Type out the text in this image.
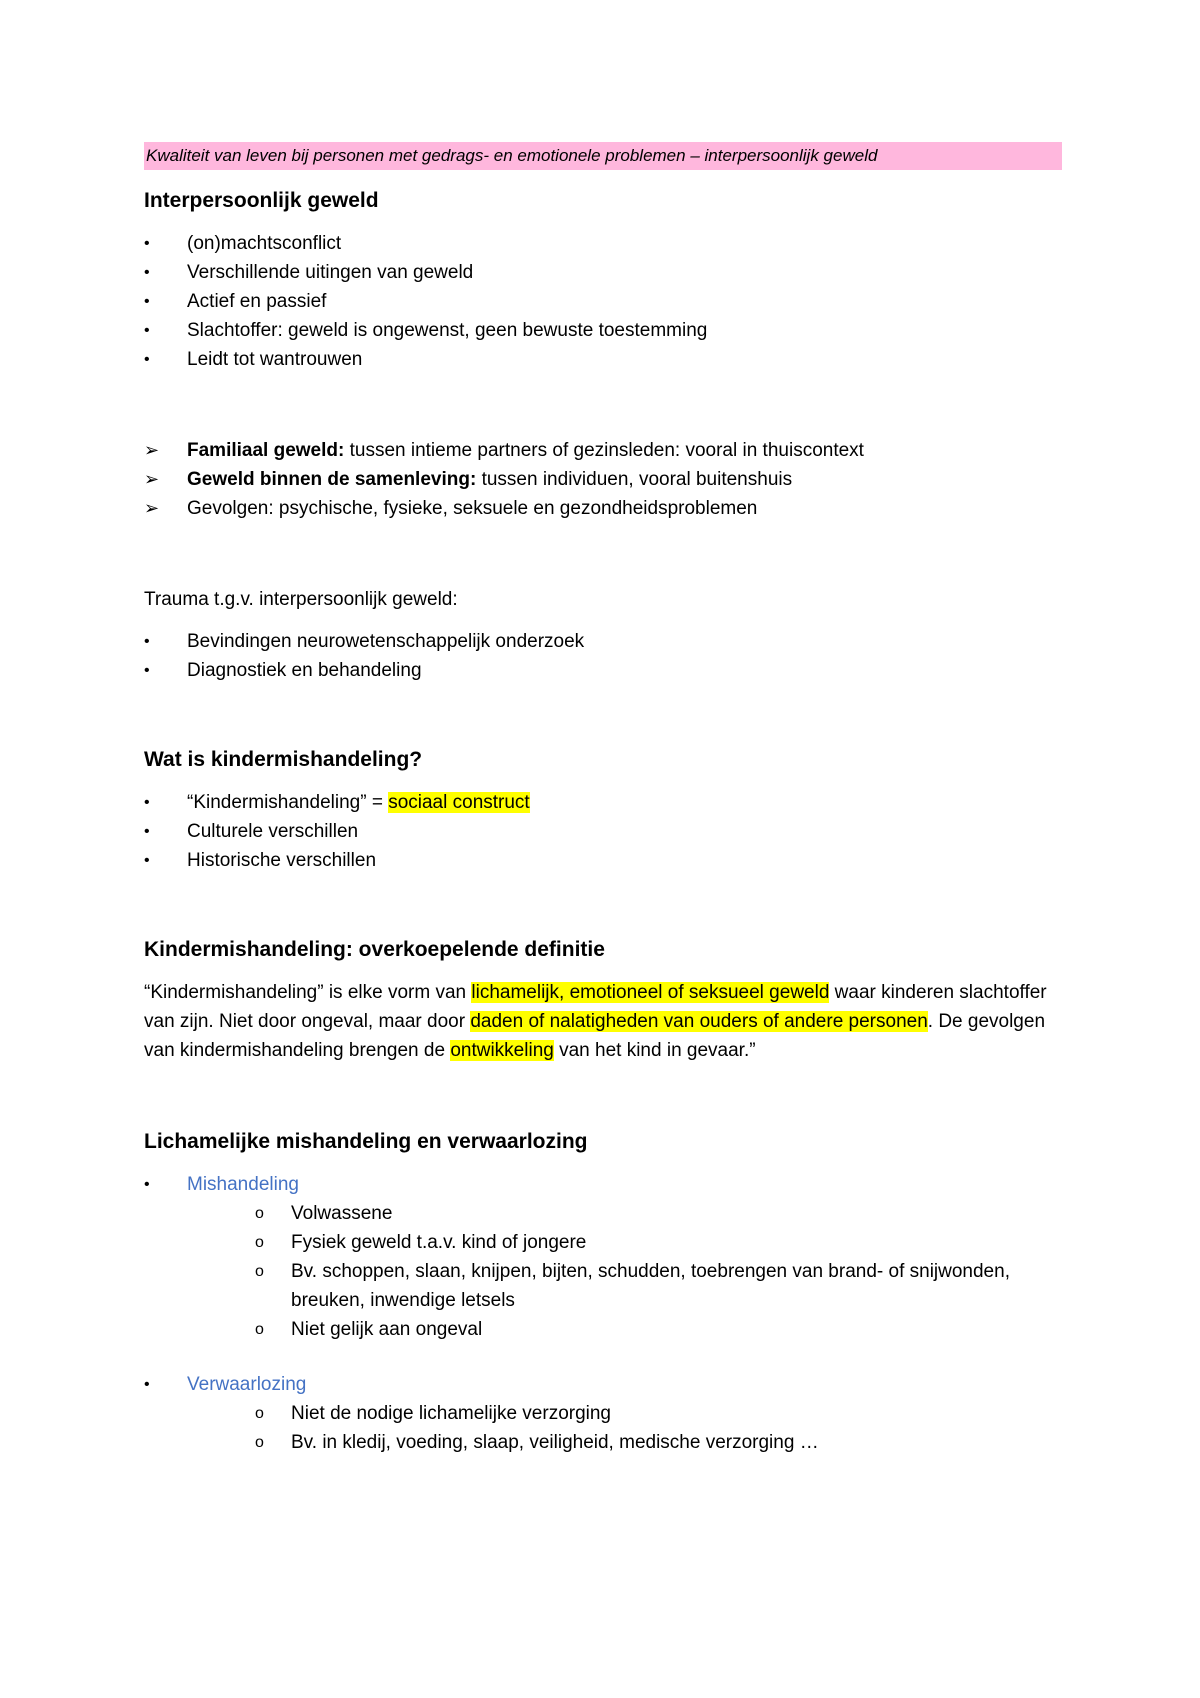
Kwaliteit van leven bij personen met gedrags- en emotionele problemen – interpersoonlijk geweld
Interpersoonlijk geweld
•	(on)machtsconflict
•	Verschillende uitingen van geweld
•	Actief en passief
•	Slachtoffer: geweld is ongewenst, geen bewuste toestemming
•	Leidt tot wantrouwen
➢ Familiaal geweld: tussen intieme partners of gezinsleden: vooral in thuiscontext
➢ Geweld binnen de samenleving: tussen individuen, vooral buitenshuis
➢ Gevolgen: psychische, fysieke, seksuele en gezondheidsproblemen

Trauma t.g.v. interpersoonlijk geweld:

•	Bevindingen neurowetenschappelijk onderzoek
•	Diagnostiek en behandeling
Wat is kindermishandeling?
•	“Kindermishandeling” = sociaal construct
•	Culturele verschillen
•	Historische verschillen
Kindermishandeling: overkoepelende definitie

“Kindermishandeling” is elke vorm van lichamelijk, emotioneel of seksueel geweld waar kinderen slachtoffer van zijn. Niet door ongeval, maar door daden of nalatigheden van ouders of andere personen. De gevolgen van kindermishandeling brengen de ontwikkeling van het kind in gevaar.”

Lichamelijke mishandeling en verwaarlozing
•	Mishandeling
o	Volwassene
o	Fysiek geweld t.a.v. kind of jongere
o	Bv. schoppen, slaan, knijpen, bijten, schudden, toebrengen van brand- of snijwonden, breuken, inwendige letsels
o	Niet gelijk aan ongeval
•	Verwaarlozing
o	Niet de nodige lichamelijke verzorging
o	Bv. in kledij, voeding, slaap, veiligheid, medische verzorging …
